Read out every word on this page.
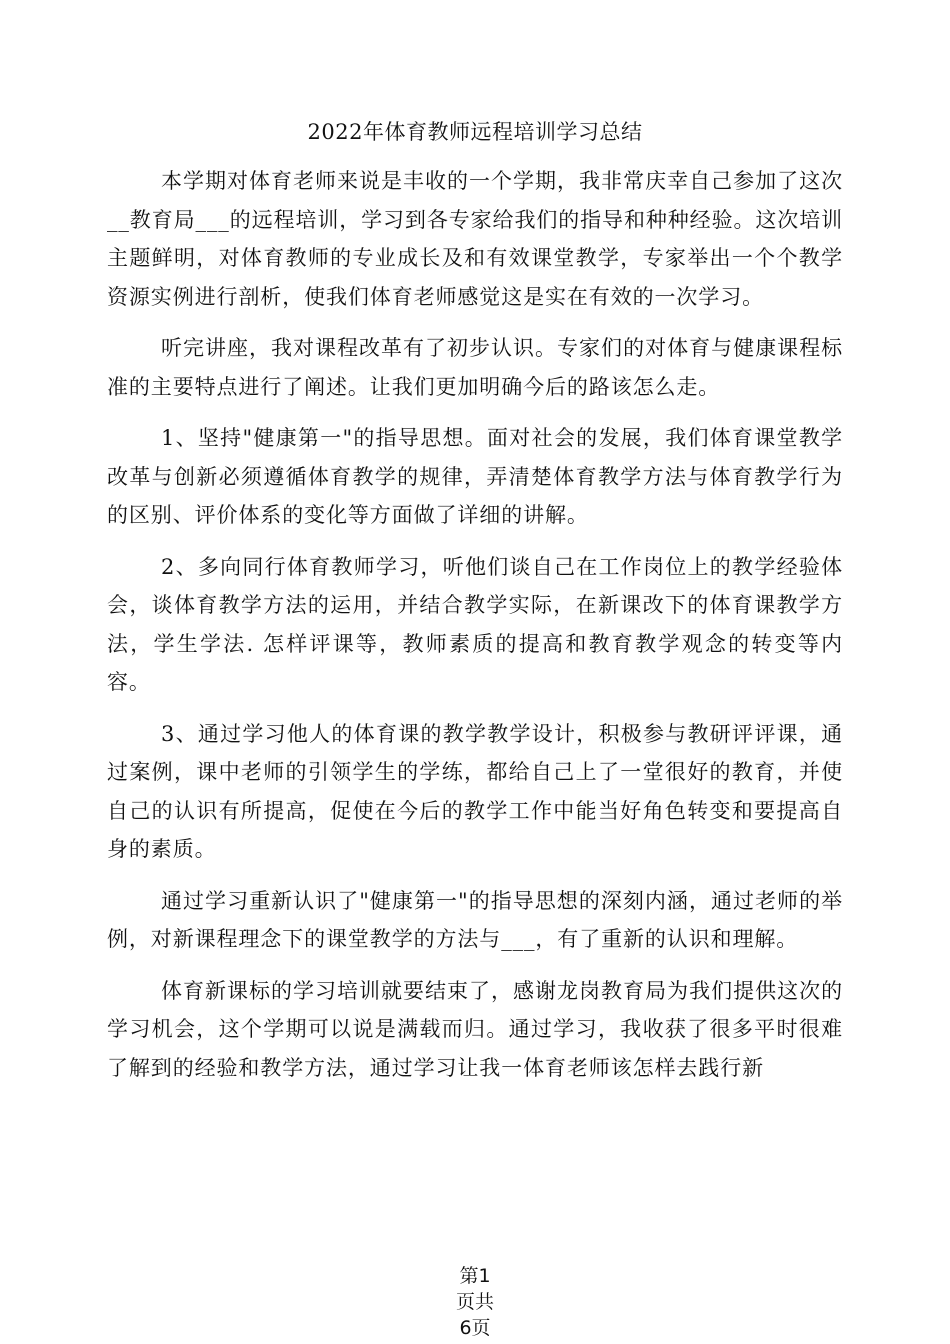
2022年体育教师远程培训学习总结

本学期对体育老师来说是丰收的一个学期，我非常庆幸自己参加了这次__教育局___的远程培训，学习到各专家给我们的指导和种种经验。这次培训主题鲜明，对体育教师的专业成长及和有效课堂教学，专家举出一个个教学资源实例进行剖析，使我们体育老师感觉这是实在有效的一次学习。

听完讲座，我对课程改革有了初步认识。专家们的对体育与健康课程标准的主要特点进行了阐述。让我们更加明确今后的路该怎么走。

1、坚持"健康第一"的指导思想。面对社会的发展，我们体育课堂教学改革与创新必须遵循体育教学的规律，弄清楚体育教学方法与体育教学行为的区别、评价体系的变化等方面做了详细的讲解。

2、多向同行体育教师学习，听他们谈自己在工作岗位上的教学经验体会，谈体育教学方法的运用，并结合教学实际，在新课改下的体育课教学方法，学生学法. 怎样评课等，教师素质的提高和教育教学观念的转变等内容。

3、通过学习他人的体育课的教学教学设计，积极参与教研评评课，通过案例，课中老师的引领学生的学练，都给自己上了一堂很好的教育，并使自己的认识有所提高，促使在今后的教学工作中能当好角色转变和要提高自身的素质。

通过学习重新认识了"健康第一"的指导思想的深刻内涵，通过老师的举例，对新课程理念下的课堂教学的方法与___，有了重新的认识和理解。

体育新课标的学习培训就要结束了，感谢龙岗教育局为我们提供这次的学习机会，这个学期可以说是满载而归。通过学习，我收获了很多平时很难了解到的经验和教学方法，通过学习让我一体育老师该怎样去践行新

第1
页共
6页
